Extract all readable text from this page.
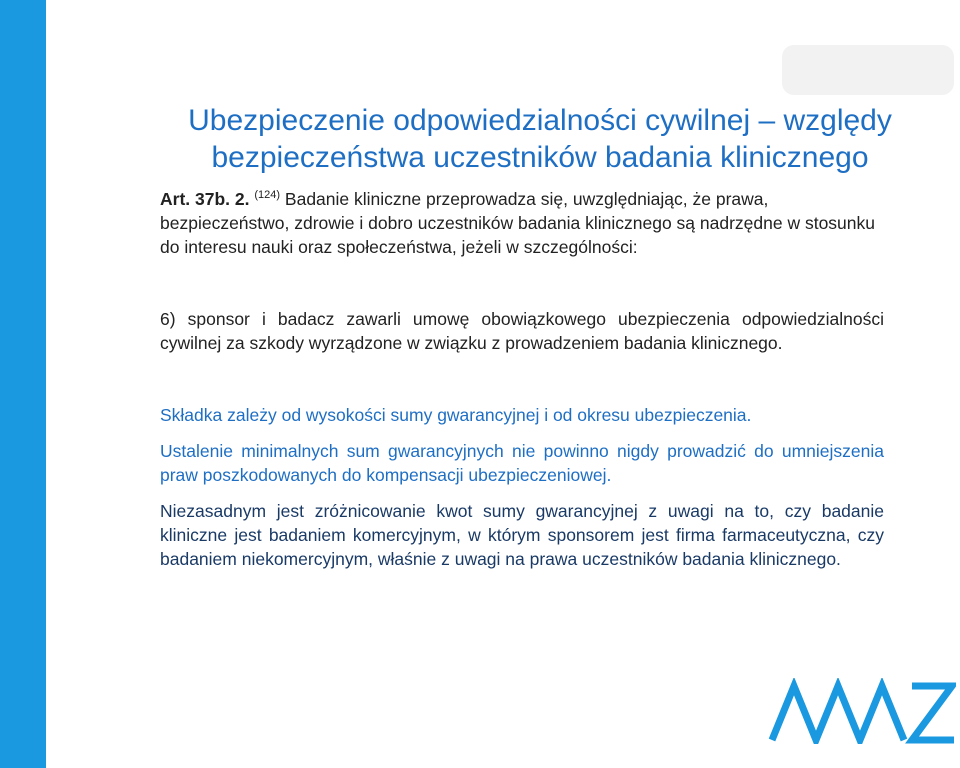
Ubezpieczenie odpowiedzialności cywilnej – względy
bezpieczeństwa uczestników badania klinicznego

Art. 37b. 2. $^{(124)}$ Badanie kliniczne przeprowadza się, uwzględniając, że prawa, bezpieczeństwo, zdrowie i dobro uczestników badania klinicznego są nadrzędne w stosunku do interesu nauki oraz społeczeństwa, jeżeli w szczególności:

6) sponsor i badacz zawarli umowę obowiązkowego ubezpieczenia odpowiedzialności cywilnej za szkody wyrządzone w związku z prowadzeniem badania klinicznego.

Składka zależy od wysokości sumy gwarancyjnej i od okresu ubezpieczenia.

Ustalenie minimalnych sum gwarancyjnych nie powinno nigdy prowadzić do umniejszenia praw poszkodowanych do kompensacji ubezpieczeniowej.

Niezasadnym jest zróżnicowanie kwot sumy gwarancyjnej z uwagi na to, czy badanie kliniczne jest badaniem komercyjnym, w którym sponsorem jest firma farmaceutyczna, czy badaniem niekomercyjnym, właśnie z uwagi na prawa uczestników badania klinicznego.
